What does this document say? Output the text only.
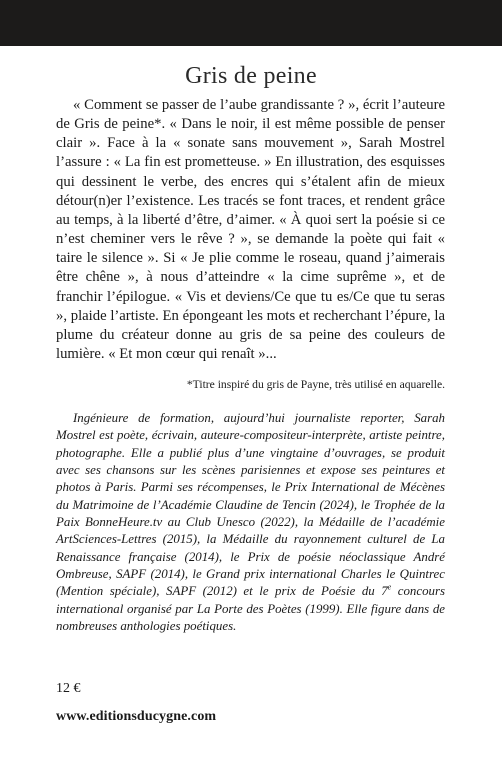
Gris de peine

« Comment se passer de l’aube grandissante ? », écrit l’auteure de Gris de peine*. « Dans le noir, il est même possible de penser clair ». Face à la « sonate sans mouvement », Sarah Mostrel l’assure : « La fin est prometteuse. » En illustration, des esquisses qui dessinent le verbe, des encres qui s’étalent afin de mieux détour(n)er l’existence. Les tracés se font traces, et rendent grâce au temps, à la liberté d’être, d’aimer. « À quoi sert la poésie si ce n’est cheminer vers le rêve ? », se demande la poète qui fait « taire le silence ». Si « Je plie comme le roseau, quand j’aimerais être chêne », à nous d’atteindre « la cime suprême », et de franchir l’épilogue. « Vis et deviens/Ce que tu es/Ce que tu seras », plaide l’artiste. En épongeant les mots et recherchant l’épure, la plume du créateur donne au gris de sa peine des couleurs de lumière. « Et mon cœur qui renaît »...

*Titre inspiré du gris de Payne, très utilisé en aquarelle.

Ingénieure de formation, aujourd’hui journaliste reporter, Sarah Mostrel est poète, écrivain, auteure-compositeur-interprète, artiste peintre, photographe. Elle a publié plus d’une vingtaine d’ouvrages, se produit avec ses chansons sur les scènes parisiennes et expose ses peintures et photos à Paris. Parmi ses récompenses, le Prix International de Mécènes du Matrimoine de l’Académie Claudine de Tencin (2024), le Trophée de la Paix BonneHeure.tv au Club Unesco (2022), la Médaille de l’académie ArtSciences-Lettres (2015), la Médaille du rayonnement culturel de La Renaissance française (2014), le Prix de poésie néoclassique André Ombreuse, SAPF (2014), le Grand prix international Charles le Quintrec (Mention spéciale), SAPF (2012) et le prix de Poésie du 7e concours international organisé par La Porte des Poètes (1999). Elle figure dans de nombreuses anthologies poétiques.

12 €
www.editionsducygne.com
